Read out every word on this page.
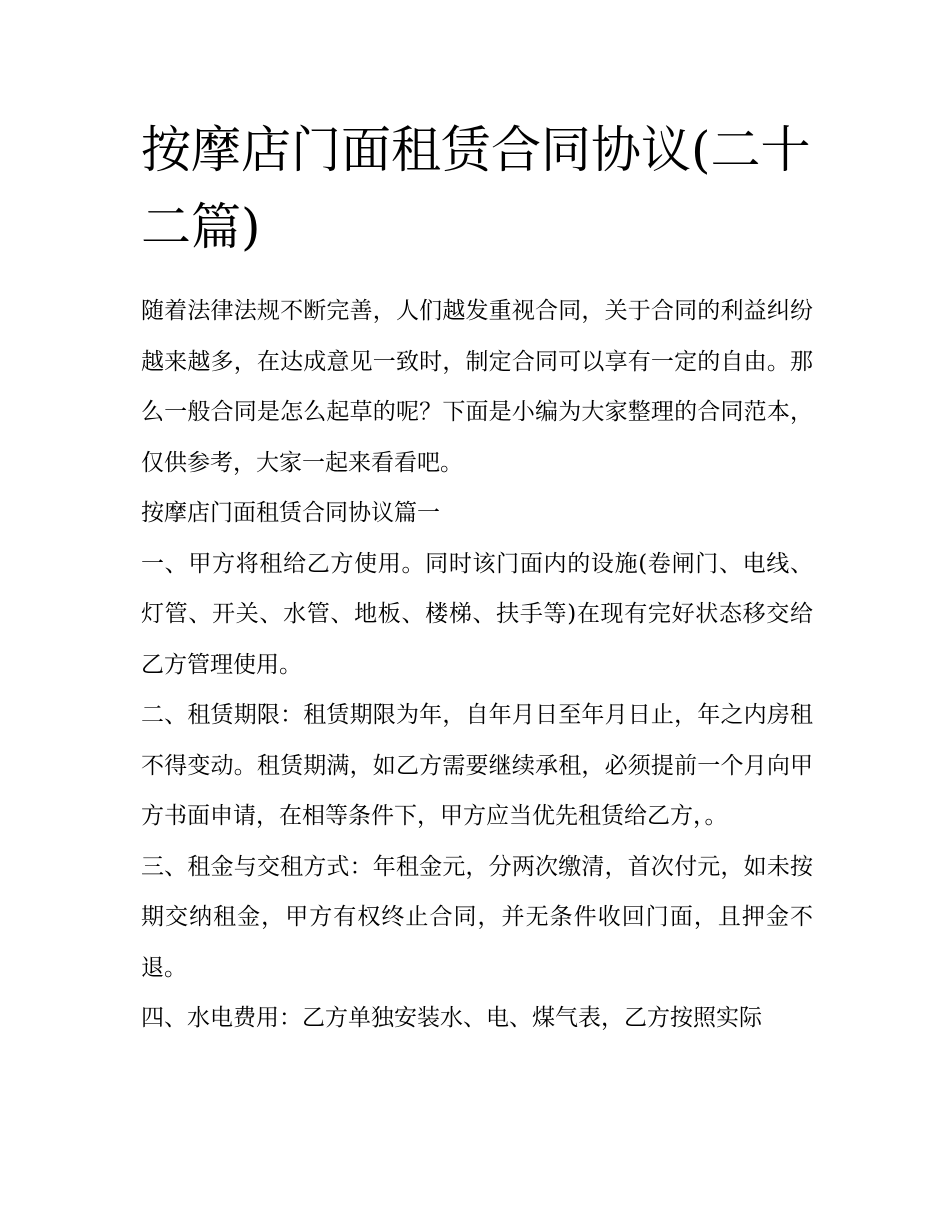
按摩店门面租赁合同协议(二十二篇)

随着法律法规不断完善，人们越发重视合同，关于合同的利益纠纷越来越多，在达成意见一致时，制定合同可以享有一定的自由。那么一般合同是怎么起草的呢？下面是小编为大家整理的合同范本，仅供参考，大家一起来看看吧。

按摩店门面租赁合同协议篇一

一、甲方将租给乙方使用。同时该门面内的设施(卷闸门、电线、灯管、开关、水管、地板、楼梯、扶手等)在现有完好状态移交给乙方管理使用。

二、租赁期限：租赁期限为年，自年月日至年月日止，年之内房租不得变动。租赁期满，如乙方需要继续承租，必须提前一个月向甲方书面申请，在相等条件下，甲方应当优先租赁给乙方，。

三、租金与交租方式：年租金元，分两次缴清，首次付元，如未按期交纳租金，甲方有权终止合同，并无条件收回门面，且押金不退。

四、水电费用：乙方单独安装水、电、煤气表，乙方按照实际
